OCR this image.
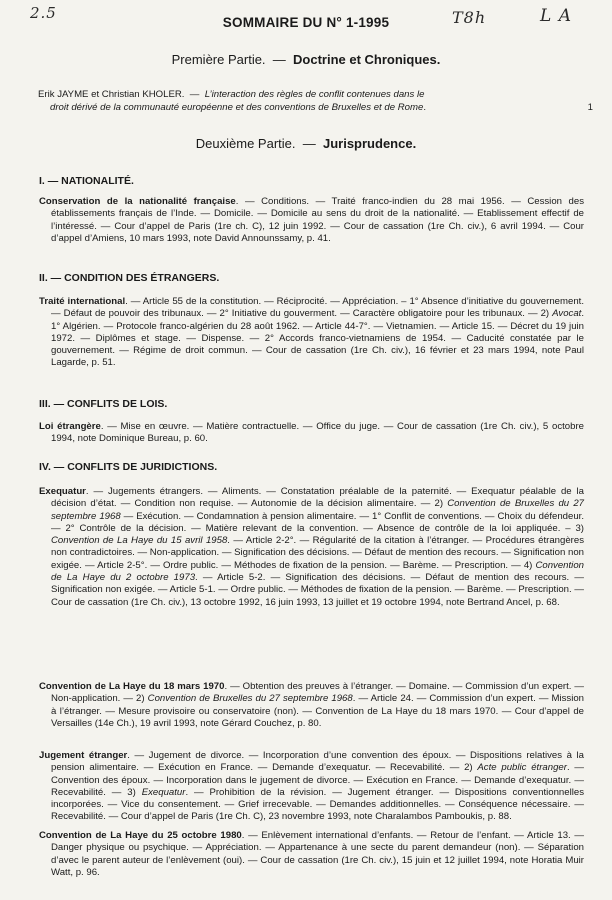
2.5	T8h	L A
SOMMAIRE DU N° 1-1995
Première Partie. — Doctrine et Chroniques.
Erik JAYME et Christian KHOLER. — L’interaction des règles de conflit contenues dans le
droit dérivé de la communauté européenne et des conventions de Bruxelles et de Rome.	1
Deuxième Partie. — Jurisprudence.
I. — NATIONALITÉ.
Conservation de la nationalité française. — Conditions. — Traité franco-indien du 28 mai 1956. — Cession des établissements français de l’Inde. — Domicile. — Domicile au sens du droit de la nationalité. — Etablissement effectif de l’intéressé. — Cour d’appel de Paris (1re ch. C), 12 juin 1992. — Cour de cassation (1re Ch. civ.), 6 avril 1994. — Cour d’appel d’Amiens, 10 mars 1993, note David Announssamy, p. 41.
II. — CONDITION DES ÉTRANGERS.
Traité international. — Article 55 de la constitution. — Réciprocité. — Appréciation. – 1° Absence d’initiative du gouvernement. — Défaut de pouvoir des tribunaux. — 2° Initiative du gouverment. — Caractère obligatoire pour les tribunaux. — 2) Avocat. 1° Algérien. — Protocole franco-algérien du 28 août 1962. — Article 44-7°. — Vietnamien. — Article 15. — Décret du 19 juin 1972. — Diplômes et stage. — Dispense. — 2° Accords franco-vietnamiens de 1954. — Caducité constatée par le gouvernement. — Régime de droit commun. — Cour de cassation (1re Ch. civ.), 16 février et 23 mars 1994, note Paul Lagarde, p. 51.
III. — CONFLITS DE LOIS.
Loi étrangère. — Mise en œuvre. — Matière contractuelle. — Office du juge. — Cour de cassation (1re Ch. civ.), 5 octobre 1994, note Dominique Bureau, p. 60.
IV. — CONFLITS DE JURIDICTIONS.
Exequatur. — Jugements étrangers. — Aliments. — Constatation préalable de la paternité. — Exequatur péalable de la décision d’état. — Condition non requise. — Autonomie de la décision alimentaire. — 2) Convention de Bruxelles du 27 septembre 1968 — Exécution. — Condamnation à pension alimentaire. — 1° Conflit de conventions. — Choix du défendeur. — 2° Contrôle de la décision. — Matière relevant de la convention. — Absence de contrôle de la loi appliquée. – 3) Convention de La Haye du 15 avril 1958. — Article 2-2°. — Régularité de la citation à l’étranger. — Procédures étrangères non contradictoires. — Non-application. — Signification des décisions. — Défaut de mention des recours. — Signification non exigée. — Article 2-5°. — Ordre public. — Méthodes de fixation de la pension. — Barème. — Prescription. — 4) Convention de La Haye du 2 octobre 1973. — Article 5-2. — Signification des décisions. — Défaut de mention des recours. — Signification non exigée. — Article 5-1. — Ordre public. — Méthodes de fixation de la pension. — Barème. — Prescription. — Cour de cassation (1re Ch. civ.), 13 octobre 1992, 16 juin 1993, 13 juillet et 19 octobre 1994, note Bertrand Ancel, p. 68.
Convention de La Haye du 18 mars 1970. — Obtention des preuves à l’étranger. — Domaine. — Commission d’un expert. — Non-application. — 2) Convention de Bruxelles du 27 septembre 1968. — Article 24. — Commission d’un expert. — Mission à l’étranger. — Mesure provisoire ou conservatoire (non). — Convention de La Haye du 18 mars 1970. — Cour d’appel de Versailles (14e Ch.), 19 avril 1993, note Gérard Couchez, p. 80.
Jugement étranger. — Jugement de divorce. — Incorporation d’une convention des époux. — Dispositions relatives à la pension alimentaire. — Exécution en France. — Demande d’exequatur. — Recevabilité. — 2) Acte public étranger. — Convention des époux. — Incorporation dans le jugement de divorce. — Exécution en France. — Demande d’exequatur. — Recevabilité. — 3) Exequatur. — Prohibition de la révision. — Jugement étranger. — Dispositions conventionnelles incorporées. — Vice du consentement. — Grief irrecevable. — Demandes additionnelles. — Conséquence nécessaire. — Recevabilité. — Cour d’appel de Paris (1re Ch. C), 23 novembre 1993, note Charalambos Pamboukis, p. 88.
Convention de La Haye du 25 octobre 1980. — Enlèvement international d’enfants. — Retour de l’enfant. — Article 13. — Danger physique ou psychique. — Appréciation. — Appartenance à une secte du parent demandeur (non). — Séparation d’avec le parent auteur de l’enlèvement (oui). — Cour de cassation (1re Ch. civ.), 15 juin et 12 juillet 1994, note Horatia Muir Watt, p. 96.
